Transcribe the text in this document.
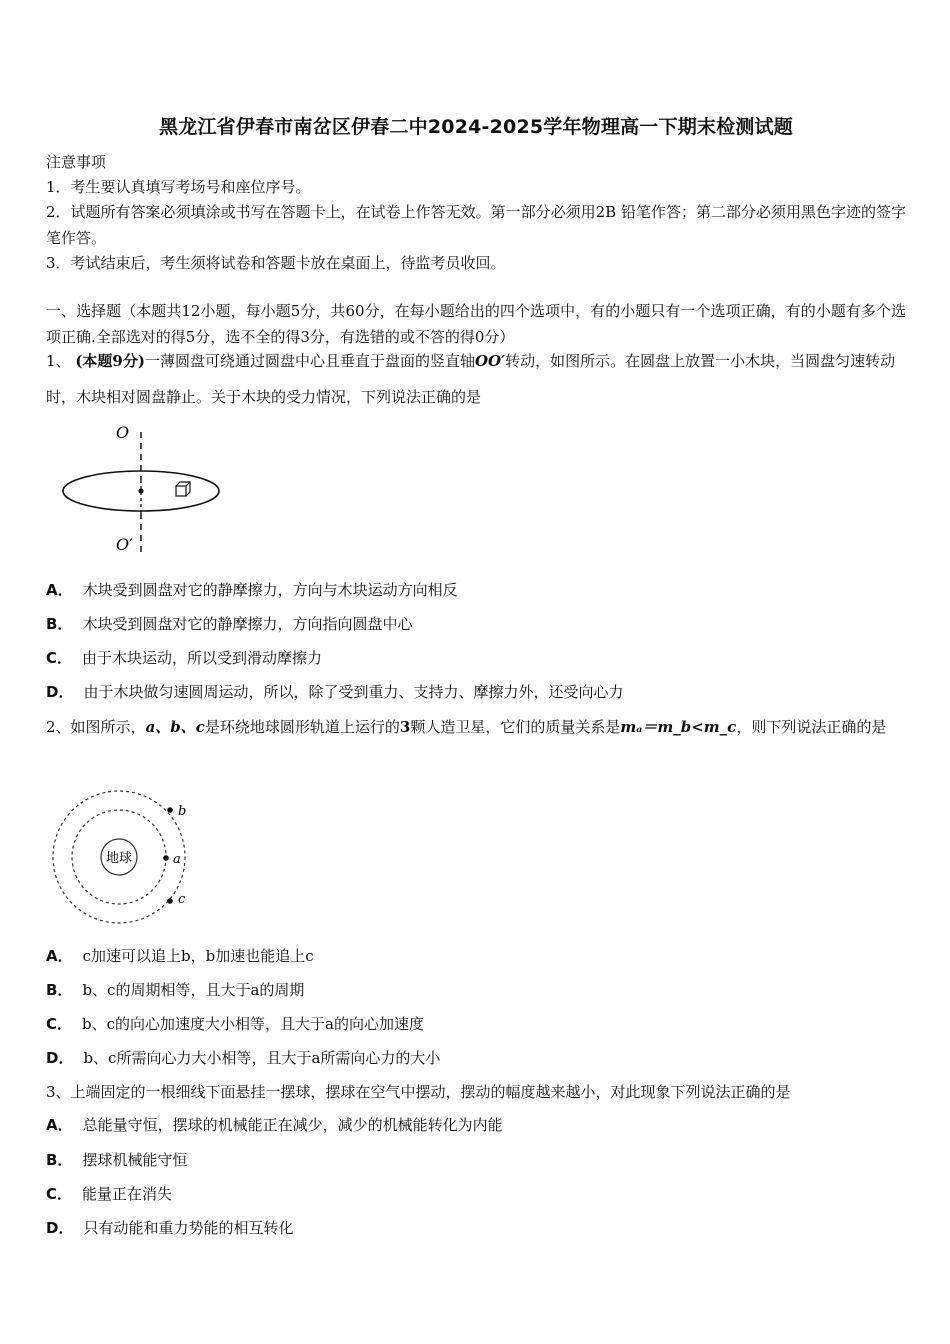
黑龙江省伊春市南岔区伊春二中2024-2025学年物理高一下期末检测试题
注意事项
1．考生要认真填写考场号和座位序号。
2．试题所有答案必须填涂或书写在答题卡上，在试卷上作答无效。第一部分必须用2B 铅笔作答；第二部分必须用黑色字迹的签字笔作答。
3．考试结束后，考生须将试卷和答题卡放在桌面上，待监考员收回。
一、选择题（本题共12小题，每小题5分，共60分，在每小题给出的四个选项中，有的小题只有一个选项正确，有的小题有多个选项正确.全部选对的得5分，选不全的得3分，有选错的或不答的得0分）
1、 (本题9分)一薄圆盘可绕通过圆盘中心且垂直于盘面的竖直轴OO′转动，如图所示。在圆盘上放置一小木块，当圆盘匀速转动时，木块相对圆盘静止。关于木块的受力情况，下列说法正确的是
O
O′
A． 木块受到圆盘对它的静摩擦力，方向与木块运动方向相反
B． 木块受到圆盘对它的静摩擦力，方向指向圆盘中心
C． 由于木块运动，所以受到滑动摩擦力
D． 由于木块做匀速圆周运动，所以，除了受到重力、支持力、摩擦力外，还受向心力
2、如图所示，a、b、c是环绕地球圆形轨道上运行的3颗人造卫星，它们的质量关系是mₐ＝m_b<m_c，则下列说法正确的是
地球	a
b
c
A． c加速可以追上b，b加速也能追上c
B． b、c的周期相等，且大于a的周期
C． b、c的向心加速度大小相等，且大于a的向心加速度
D． b、c所需向心力大小相等，且大于a所需向心力的大小
3、上端固定的一根细线下面悬挂一摆球，摆球在空气中摆动，摆动的幅度越来越小，对此现象下列说法正确的是
A． 总能量守恒，摆球的机械能正在减少，减少的机械能转化为内能
B． 摆球机械能守恒
C． 能量正在消失
D． 只有动能和重力势能的相互转化
